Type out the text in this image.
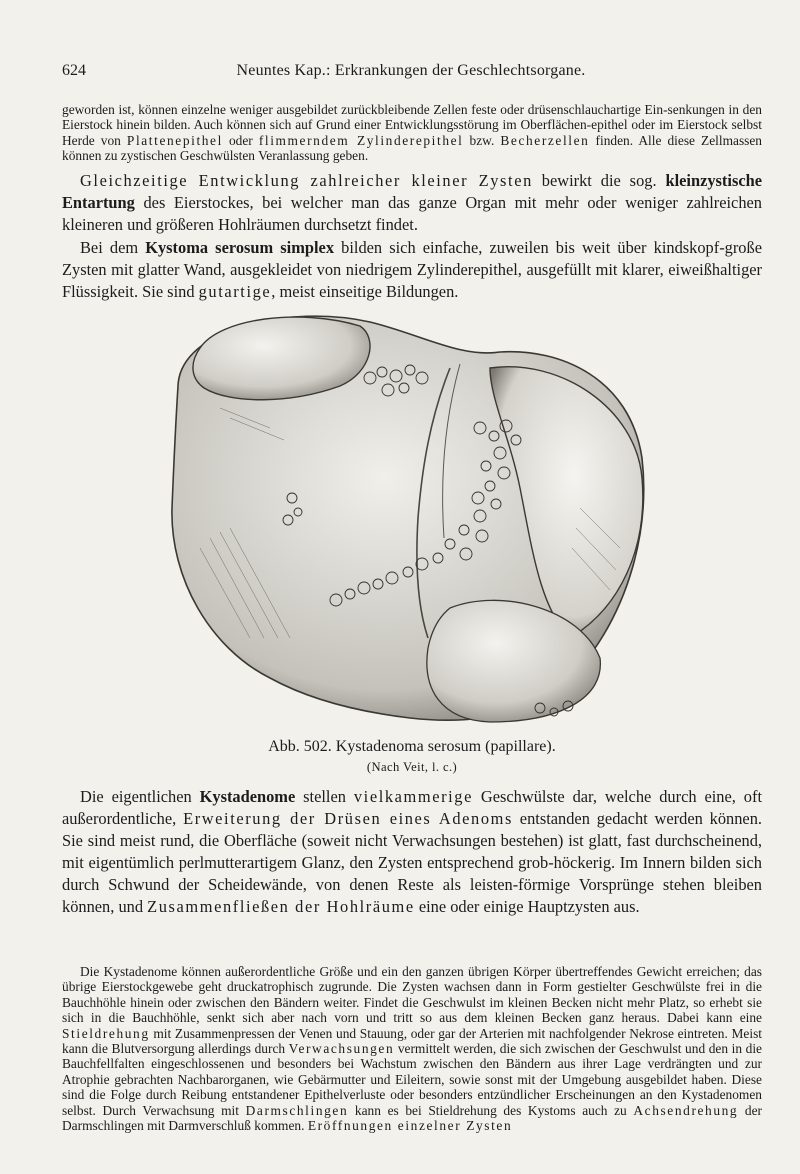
624	Neuntes Kap.: Erkrankungen der Geschlechtsorgane.

geworden ist, können einzelne weniger ausgebildet zurückbleibende Zellen feste oder drüsenschlauchartige Ein-senkungen in den Eierstock hinein bilden. Auch können sich auf Grund einer Entwicklungsstörung im Oberflächen-epithel oder im Eierstock selbst Herde von Plattenepithel oder flimmerndem Zylinderepithel bzw. Becherzellen finden. Alle diese Zellmassen können zu zystischen Geschwülsten Veranlassung geben.

Gleichzeitige Entwicklung zahlreicher kleiner Zysten bewirkt die sog. kleinzystische Entartung des Eierstockes, bei welcher man das ganze Organ mit mehr oder weniger zahlreichen kleineren und größeren Hohlräumen durchsetzt findet.

Bei dem Kystoma serosum simplex bilden sich einfache, zuweilen bis weit über kindskopf-große Zysten mit glatter Wand, ausgekleidet von niedrigem Zylinderepithel, ausgefüllt mit klarer, eiweißhaltiger Flüssigkeit. Sie sind gutartige, meist einseitige Bildungen.

Abb. 502. Kystadenoma serosum (papillare).

(Nach Veit, l. c.)

Die eigentlichen Kystadenome stellen vielkammerige Geschwülste dar, welche durch eine, oft außerordentliche, Erweiterung der Drüsen eines Adenoms entstanden gedacht werden können. Sie sind meist rund, die Oberfläche (soweit nicht Verwachsungen bestehen) ist glatt, fast durchscheinend, mit eigentümlich perlmutterartigem Glanz, den Zysten entsprechend grob-höckerig. Im Innern bilden sich durch Schwund der Scheidewände, von denen Reste als leisten-förmige Vorsprünge stehen bleiben können, und Zusammenfließen der Hohlräume eine oder einige Hauptzysten aus.

Die Kystadenome können außerordentliche Größe und ein den ganzen übrigen Körper übertreffendes Gewicht erreichen; das übrige Eierstockgewebe geht druckatrophisch zugrunde. Die Zysten wachsen dann in Form gestielter Geschwülste frei in die Bauchhöhle hinein oder zwischen den Bändern weiter. Findet die Geschwulst im kleinen Becken nicht mehr Platz, so erhebt sie sich in die Bauchhöhle, senkt sich aber nach vorn und tritt so aus dem kleinen Becken ganz heraus. Dabei kann eine Stieldrehung mit Zusammenpressen der Venen und Stauung, oder gar der Arterien mit nachfolgender Nekrose eintreten. Meist kann die Blutversorgung allerdings durch Verwachsungen vermittelt werden, die sich zwischen der Geschwulst und den in die Bauchfellfalten eingeschlossenen und besonders bei Wachstum zwischen den Bändern aus ihrer Lage verdrängten und zur Atrophie gebrachten Nachbarorganen, wie Gebärmutter und Eileitern, sowie sonst mit der Umgebung ausgebildet haben. Diese sind die Folge durch Reibung entstandener Epithelverluste oder besonders entzündlicher Erscheinungen an den Kystadenomen selbst. Durch Verwachsung mit Darmschlingen kann es bei Stieldrehung des Kystoms auch zu Achsendrehung der Darmschlingen mit Darmverschluß kommen. Eröffnungen einzelner Zysten
